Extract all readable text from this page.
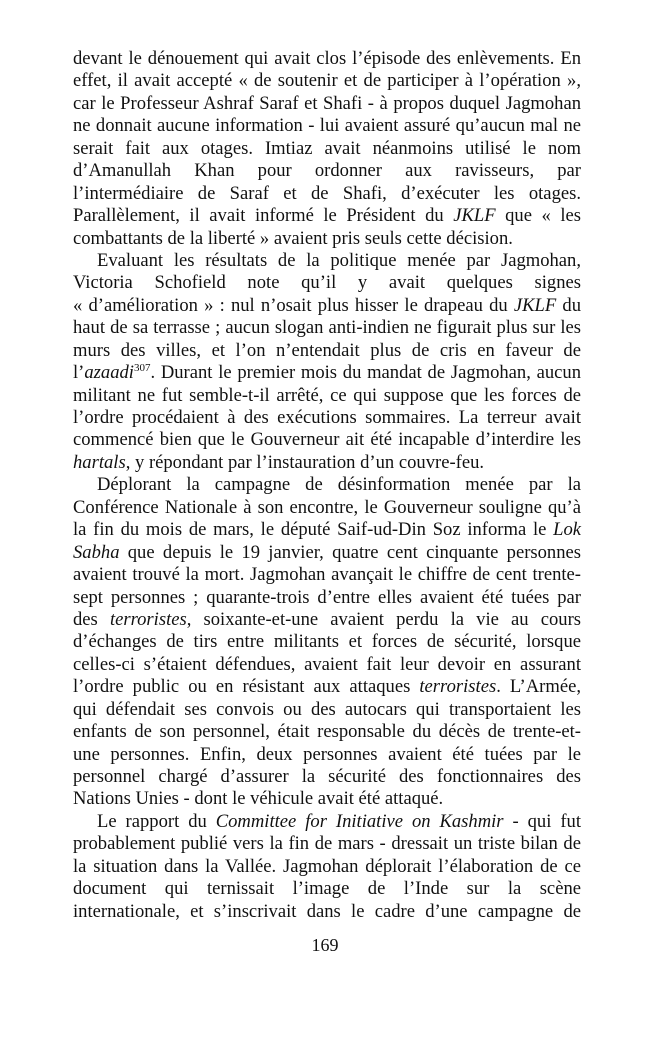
devant le dénouement qui avait clos l’épisode des enlèvements. En
effet, il avait accepté « de soutenir et de participer à l’opération »,
car le Professeur Ashraf Saraf et Shafi - à propos duquel Jagmohan
ne donnait aucune information - lui avaient assuré qu’aucun mal ne
serait fait aux otages. Imtiaz avait néanmoins utilisé le nom
d’Amanullah Khan pour ordonner aux ravisseurs, par
l’intermédiaire de Saraf et de Shafi, d’exécuter les otages.
Parallèlement, il avait informé le Président du JKLF que « les
combattants de la liberté » avaient pris seuls cette décision.
Evaluant les résultats de la politique menée par Jagmohan,
Victoria Schofield note qu’il y avait quelques signes
« d’amélioration » : nul n’osait plus hisser le drapeau du JKLF du
haut de sa terrasse ; aucun slogan anti-indien ne figurait plus sur les
murs des villes, et l’on n’entendait plus de cris en faveur de
l’azaadi$^{307}$. Durant le premier mois du mandat de Jagmohan, aucun
militant ne fut semble-t-il arrêté, ce qui suppose que les forces de
l’ordre procédaient à des exécutions sommaires. La terreur avait
commencé bien que le Gouverneur ait été incapable d’interdire les
hartals, y répondant par l’instauration d’un couvre-feu.
Déplorant la campagne de désinformation menée par la
Conférence Nationale à son encontre, le Gouverneur souligne qu’à
la fin du mois de mars, le député Saif-ud-Din Soz informa le Lok
Sabha que depuis le 19 janvier, quatre cent cinquante personnes
avaient trouvé la mort. Jagmohan avançait le chiffre de cent trente-
sept personnes ; quarante-trois d’entre elles avaient été tuées par
des terroristes, soixante-et-une avaient perdu la vie au cours
d’échanges de tirs entre militants et forces de sécurité, lorsque
celles-ci s’étaient défendues, avaient fait leur devoir en assurant
l’ordre public ou en résistant aux attaques terroristes. L’Armée,
qui défendait ses convois ou des autocars qui transportaient les
enfants de son personnel, était responsable du décès de trente-et-
une personnes. Enfin, deux personnes avaient été tuées par le
personnel chargé d’assurer la sécurité des fonctionnaires des
Nations Unies - dont le véhicule avait été attaqué.
Le rapport du Committee for Initiative on Kashmir - qui fut
probablement publié vers la fin de mars - dressait un triste bilan de
la situation dans la Vallée. Jagmohan déplorait l’élaboration de ce
document qui ternissait l’image de l’Inde sur la scène
internationale, et s’inscrivait dans le cadre d’une campagne de
169
